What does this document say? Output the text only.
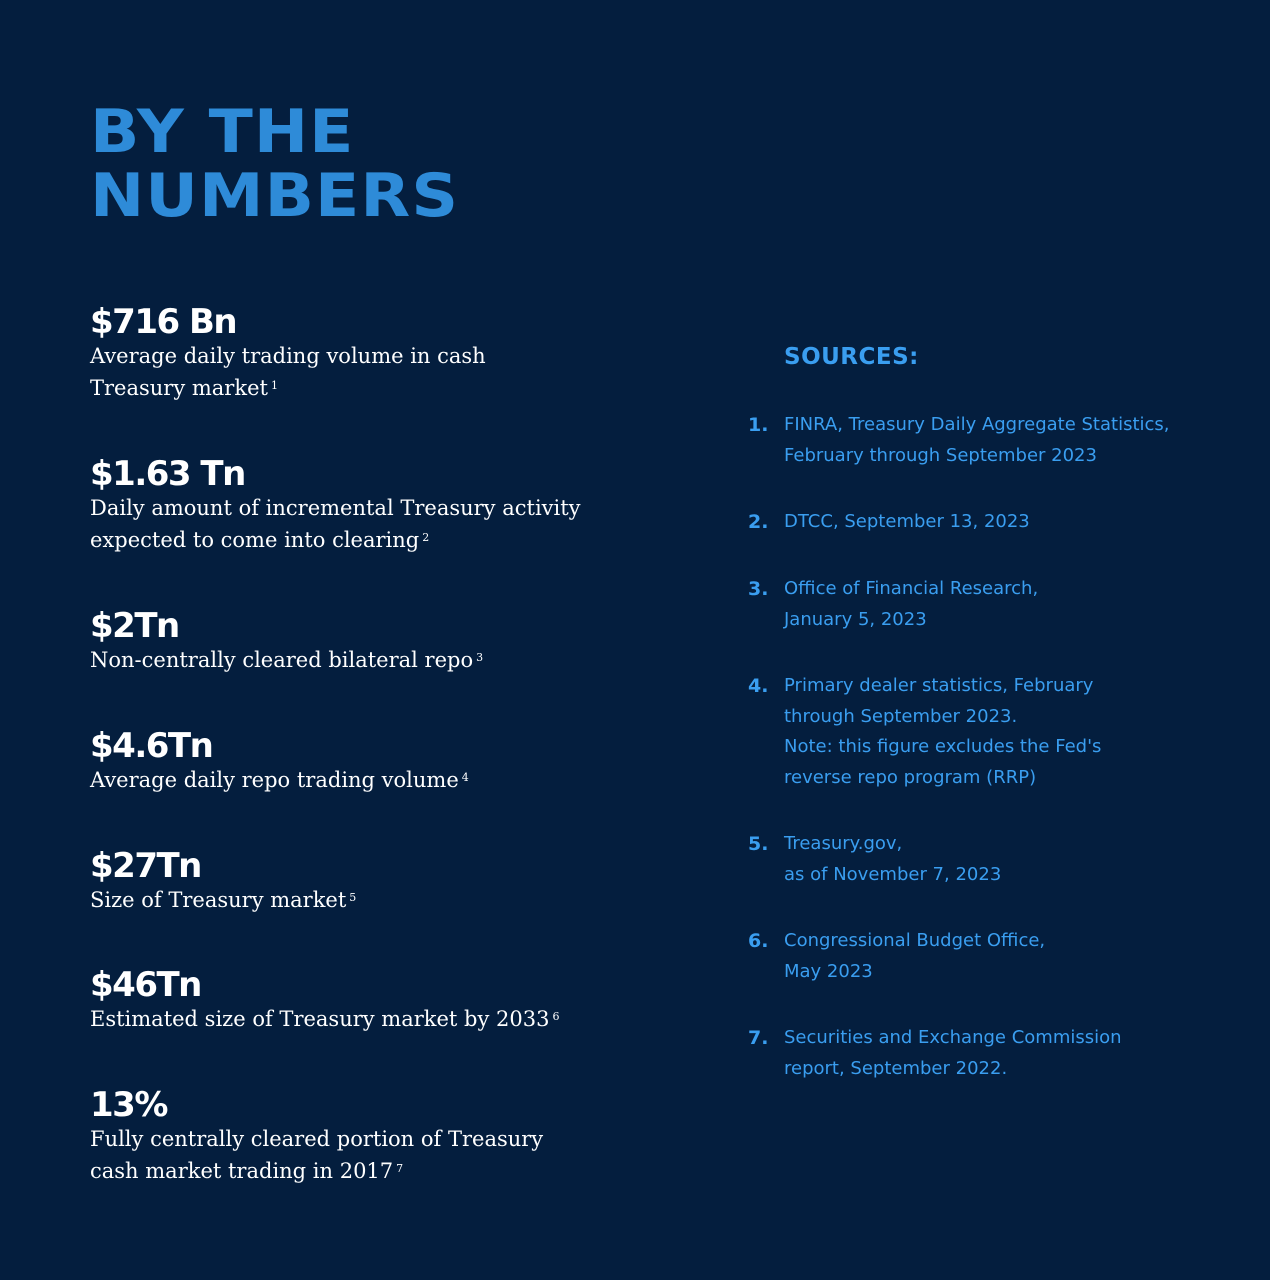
BY THE
NUMBERS
$716 Bn
Average daily trading volume in cash
Treasury market $^1$
$1.63 Tn
Daily amount of incremental Treasury activity
expected to come into clearing $^2$
$2Tn
Non-centrally cleared bilateral repo $^3$
$4.6Tn
Average daily repo trading volume $^4$
$27Tn
Size of Treasury market $^5$
$46Tn
Estimated size of Treasury market by 2033 $^6$
13%
Fully centrally cleared portion of Treasury
cash market trading in 2017 $^7$
SOURCES:
1. FINRA, Treasury Daily Aggregate Statistics,
February through September 2023
2. DTCC, September 13, 2023
3. Office of Financial Research,
January 5, 2023
4. Primary dealer statistics, February
through September 2023.
Note: this figure excludes the Fed's
reverse repo program (RRP)
5. Treasury.gov,
as of November 7, 2023
6. Congressional Budget Office,
May 2023
7. Securities and Exchange Commission
report, September 2022.
